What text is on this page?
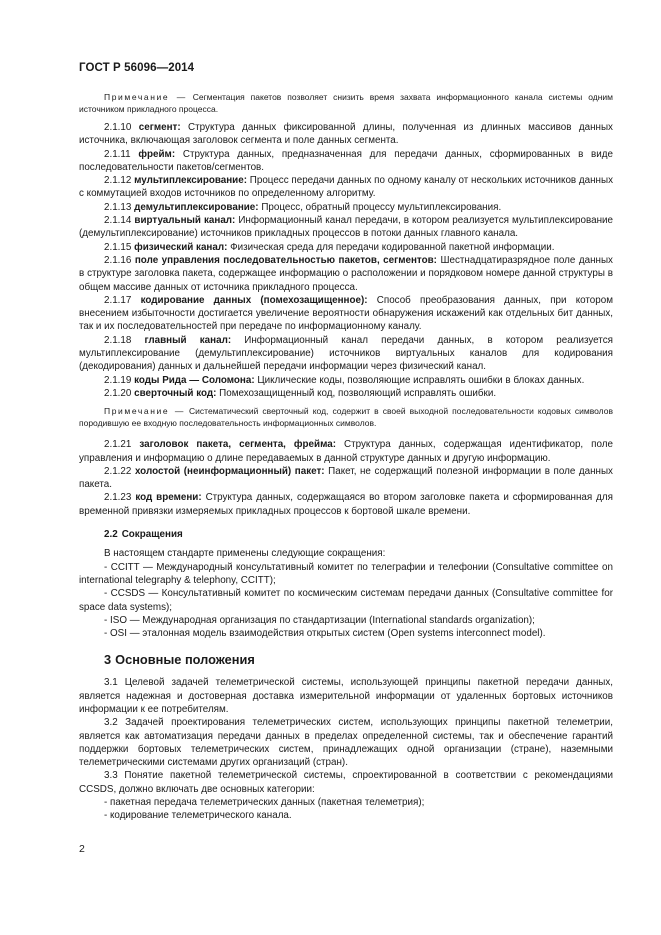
ГОСТ Р 56096—2014

Примечание — Сегментация пакетов позволяет снизить время захвата информационного канала системы одним источником прикладного процесса.

2.1.10 сегмент: Структура данных фиксированной длины, полученная из длинных массивов данных источника, включающая заголовок сегмента и поле данных сегмента.

2.1.11 фрейм: Структура данных, предназначенная для передачи данных, сформированных в виде последовательности пакетов/сегментов.

2.1.12 мультиплексирование: Процесс передачи данных по одному каналу от нескольких источников данных с коммутацией входов источников по определенному алгоритму.

2.1.13 демультиплексирование: Процесс, обратный процессу мультиплексирования.

2.1.14 виртуальный канал: Информационный канал передачи, в котором реализуется мультиплексирование (демультиплексирование) источников прикладных процессов в потоки данных главного канала.

2.1.15 физический канал: Физическая среда для передачи кодированной пакетной информации.

2.1.16 поле управления последовательностью пакетов, сегментов: Шестнадцатиразрядное поле данных в структуре заголовка пакета, содержащее информацию о расположении и порядковом номере данной структуры в общем массиве данных от источника прикладного процесса.

2.1.17 кодирование данных (помехозащищенное): Способ преобразования данных, при котором внесением избыточности достигается увеличение вероятности обнаружения искажений как отдельных бит данных, так и их последовательностей при передаче по информационному каналу.

2.1.18 главный канал: Информационный канал передачи данных, в котором реализуется мультиплексирование (демультиплексирование) источников виртуальных каналов для кодирования (декодирования) данных и дальнейшей передачи информации через физический канал.

2.1.19 коды Рида — Соломона: Циклические коды, позволяющие исправлять ошибки в блоках данных.

2.1.20 сверточный код: Помехозащищенный код, позволяющий исправлять ошибки.

Примечание — Систематический сверточный код, содержит в своей выходной последовательности кодовых символов породившую ее входную последовательность информационных символов.

2.1.21 заголовок пакета, сегмента, фрейма: Структура данных, содержащая идентификатор, поле управления и информацию о длине передаваемых в данной структуре данных и другую информацию.

2.1.22 холостой (неинформационный) пакет: Пакет, не содержащий полезной информации в поле данных пакета.

2.1.23 код времени: Структура данных, содержащаяся во втором заголовке пакета и сформированная для временной привязки измеряемых прикладных процессов к бортовой шкале времени.

2.2 Сокращения

В настоящем стандарте применены следующие сокращения:

- CCITT — Международный консультативный комитет по телеграфии и телефонии (Consultative committee on international telegraphy & telephony, CCITT);

- CCSDS — Консультативный комитет по космическим системам передачи данных (Consultative committee for space data systems);

- ISO — Международная организация по стандартизации (International standards organization);

- OSI — эталонная модель взаимодействия открытых систем (Open systems interconnect model).

3 Основные положения

3.1 Целевой задачей телеметрической системы, использующей принципы пакетной передачи данных, является надежная и достоверная доставка измерительной информации от удаленных бортовых источников информации к ее потребителям.

3.2 Задачей проектирования телеметрических систем, использующих принципы пакетной телеметрии, является как автоматизация передачи данных в пределах определенной системы, так и обеспечение гарантий поддержки бортовых телеметрических систем, принадлежащих одной организации (стране), наземными телеметрическими системами других организаций (стран).

3.3 Понятие пакетной телеметрической системы, спроектированной в соответствии с рекомендациями CCSDS, должно включать две основных категории:

- пакетная передача телеметрических данных (пакетная телеметрия);

- кодирование телеметрического канала.

2
